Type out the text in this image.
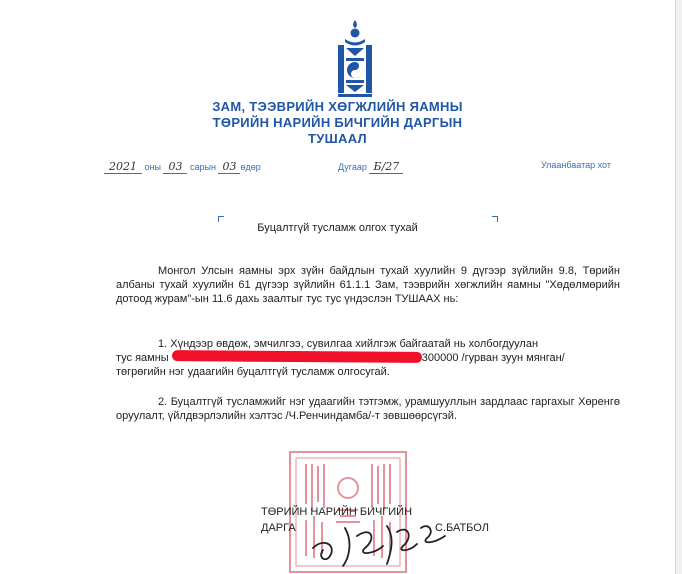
ЗАМ, ТЭЭВРИЙН ХӨГЖЛИЙН ЯАМНЫ
ТӨРИЙН НАРИЙН БИЧГИЙН ДАРГЫН
ТУШААЛ
2021 оны 03 сарын 03 өдөр	Дугаар Б/27	Улаанбаатар хот
Буцалтгүй тусламж олгох тухай
Монгол Улсын яамны эрх зүйн байдлын тухай хуулийн 9 дүгээр зүйлийн 9.8, Төрийн албаны тухай хуулийн 61 дүгээр зүйлийн 61.1.1 Зам, тээврийн хөгжлийн яамны "Хөдөлмөрийн дотоод журам"-ын 11.6 дахь заалтыг тус тус үндэслэн ТУШААХ нь:
1. Хүндээр өвдөж, эмчилгээ, сувилгаа хийлгэж байгаатай нь холбогдуулан
тус яамны	300000 /гурван зуун мянган/
төгрөгийн нэг удаагийн буцалтгүй тусламж олгосугай.
2. Буцалтгүй тусламжийг нэг удаагийн тэтгэмж, урамшууллын зардлаас гаргахыг Хөренгө оруулалт, үйлдвэрлэлийн хэлтэс /Ч.Ренчиндамба/-т зөвшөөрсүгэй.
ТӨРИЙН НАРИЙН БИЧГИЙН
ДАРГА	С.БАТБОЛ
